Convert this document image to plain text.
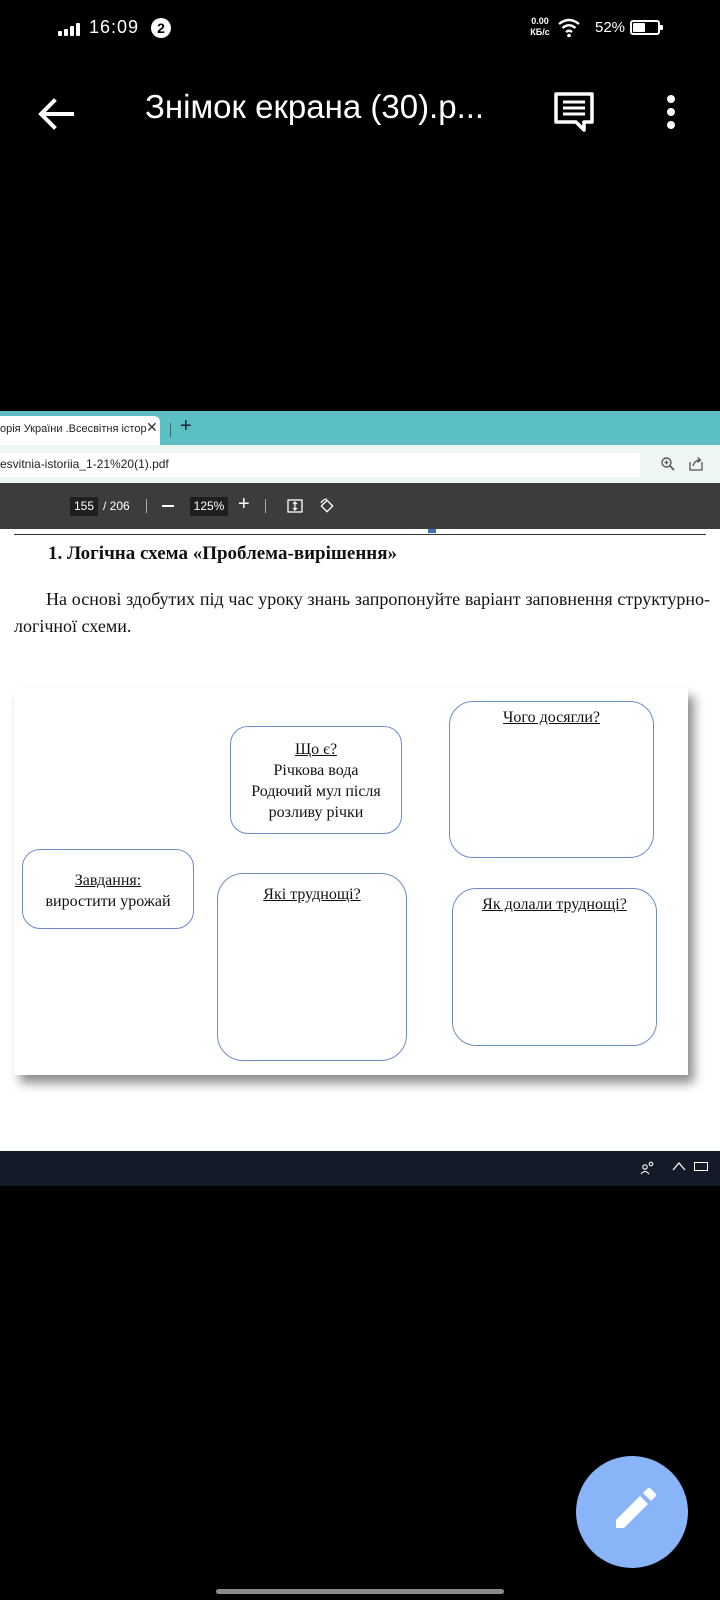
16:09	2	0.00
КБ/с	52%
Знімок екрана (30).p...
орія України .Всесвітня істор ✕ +
esvitnia-istoriia_1-21%20(1).pdf
155 / 206	125% +
1. Логічна схема «Проблема-вирішення»
На основі здобутих під час уроку знань запропонуйте варіант заповнення структурно-логічної схеми.
Завдання:
виростити урожай
Що є?
Річкова вода
Родючий мул після
розливу річки
Які труднощі?
Чого досягли?
Як долали труднощі?
